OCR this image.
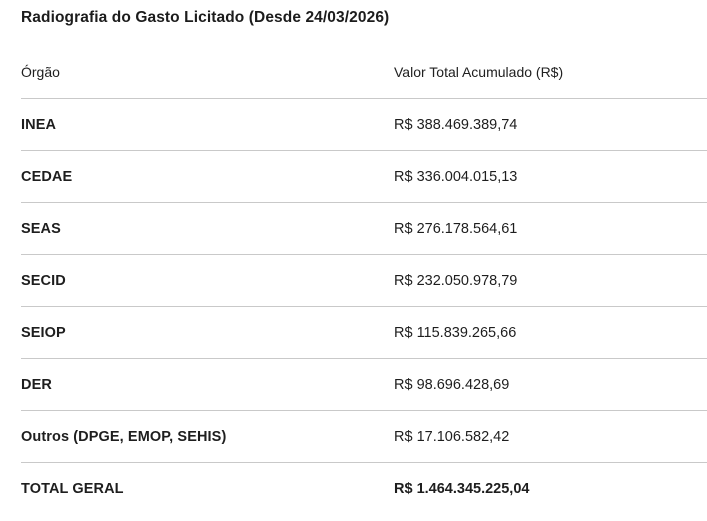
Radiografia do Gasto Licitado (Desde 24/03/2026)
Órgão	Valor Total Acumulado (R$)
INEA	R$ 388.469.389,74
CEDAE	R$ 336.004.015,13
SEAS	R$ 276.178.564,61
SECID	R$ 232.050.978,79
SEIOP	R$ 115.839.265,66
DER	R$ 98.696.428,69
Outros (DPGE, EMOP, SEHIS)	R$ 17.106.582,42
TOTAL GERAL	R$ 1.464.345.225,04
